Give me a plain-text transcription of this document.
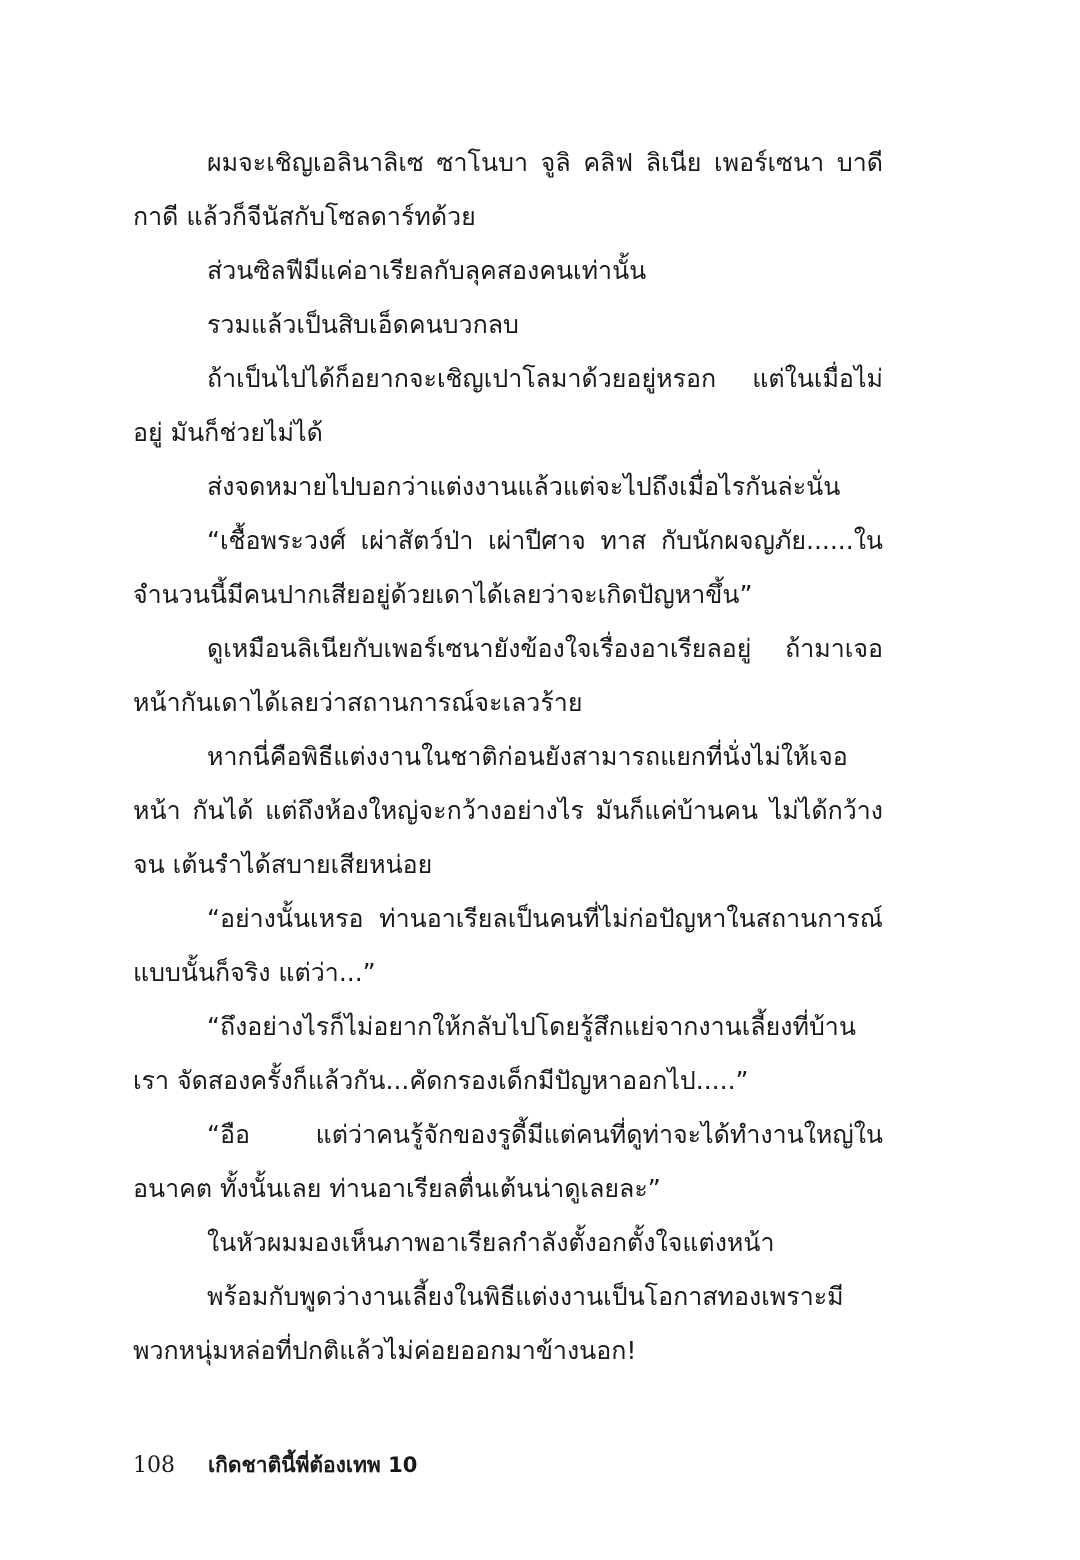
ผมจะเชิญเอลินาลิเซ ซาโนบา จูลิ คลิฟ ลิเนีย เพอร์เซนา บาดีกาดี แล้วก็จีนัสกับโซลดาร์ทด้วย

ส่วนซิลฟีมีแค่อาเรียลกับลุคสองคนเท่านั้น

รวมแล้วเป็นสิบเอ็ดคนบวกลบ

ถ้าเป็นไปได้ก็อยากจะเชิญเปาโลมาด้วยอยู่หรอก แต่ในเมื่อไม่อยู่ มันก็ช่วยไม่ได้

ส่งจดหมายไปบอกว่าแต่งงานแล้วแต่จะไปถึงเมื่อไรกันล่ะนั่น

“เชื้อพระวงศ์ เผ่าสัตว์ป่า เผ่าปีศาจ ทาส กับนักผจญภัย......ใน จำนวนนี้มีคนปากเสียอยู่ด้วยเดาได้เลยว่าจะเกิดปัญหาขึ้น”

ดูเหมือนลิเนียกับเพอร์เซนายังข้องใจเรื่องอาเรียลอยู่ ถ้ามาเจอ หน้ากันเดาได้เลยว่าสถานการณ์จะเลวร้าย

หากนี่คือพิธีแต่งงานในชาติก่อนยังสามารถแยกที่นั่งไม่ให้เจอหน้า กันได้ แต่ถึงห้องใหญ่จะกว้างอย่างไร มันก็แค่บ้านคน ไม่ได้กว้างจน เต้นรำได้สบายเสียหน่อย

“อย่างนั้นเหรอ ท่านอาเรียลเป็นคนที่ไม่ก่อปัญหาในสถานการณ์ แบบนั้นก็จริง แต่ว่า...”

“ถึงอย่างไรก็ไม่อยากให้กลับไปโดยรู้สึกแย่จากงานเลี้ยงที่บ้านเรา จัดสองครั้งก็แล้วกัน...คัดกรองเด็กมีปัญหาออกไป.....”

“อือ แต่ว่าคนรู้จักของรูดี้มีแต่คนที่ดูท่าจะได้ทำงานใหญ่ในอนาคต ทั้งนั้นเลย ท่านอาเรียลตื่นเต้นน่าดูเลยละ”

ในหัวผมมองเห็นภาพอาเรียลกำลังตั้งอกตั้งใจแต่งหน้า

พร้อมกับพูดว่างานเลี้ยงในพิธีแต่งงานเป็นโอกาสทองเพราะมี พวกหนุ่มหล่อที่ปกติแล้วไม่ค่อยออกมาข้างนอก!

108 เกิดชาตินี้พี่ต้องเทพ 10
